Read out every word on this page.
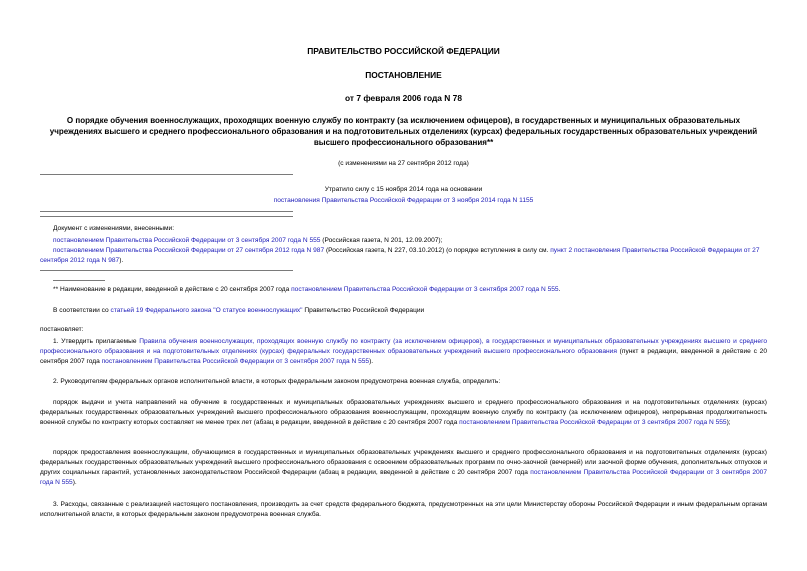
ПРАВИТЕЛЬСТВО РОССИЙСКОЙ ФЕДЕРАЦИИ
ПОСТАНОВЛЕНИЕ
от 7 февраля 2006 года N 78
О порядке обучения военнослужащих, проходящих военную службу по контракту (за исключением офицеров), в государственных и муниципальных образовательных учреждениях высшего и среднего профессионального образования и на подготовительных отделениях (курсах) федеральных государственных образовательных учреждений высшего профессионального образования**
(с изменениями на 27 сентября 2012 года)
Утратило силу с 15 ноября 2014 года на основании
постановления Правительства Российской Федерации от 3 ноября 2014 года N 1155
Документ с изменениями, внесенными:
постановлением Правительства Российской Федерации от 3 сентября 2007 года N 555 (Российская газета, N 201, 12.09.2007);
постановлением Правительства Российской Федерации от 27 сентября 2012 года N 987 (Российская газета, N 227, 03.10.2012) (о порядке вступления в силу см. пункт 2 постановления Правительства Российской Федерации от 27 сентября 2012 года N 987).
** Наименование в редакции, введенной в действие с 20 сентября 2007 года постановлением Правительства Российской Федерации от 3 сентября 2007 года N 555.
В соответствии со статьей 19 Федерального закона "О статусе военнослужащих" Правительство Российской Федерации
постановляет:
1. Утвердить прилагаемые Правила обучения военнослужащих, проходящих военную службу по контракту (за исключением офицеров), в государственных и муниципальных образовательных учреждениях высшего и среднего профессионального образования и на подготовительных отделениях (курсах) федеральных государственных образовательных учреждений высшего профессионального образования (пункт в редакции, введенной в действие с 20 сентября 2007 года постановлением Правительства Российской Федерации от 3 сентября 2007 года N 555).
2. Руководителям федеральных органов исполнительной власти, в которых федеральным законом предусмотрена военная служба, определить:
порядок выдачи и учета направлений на обучение в государственных и муниципальных образовательных учреждениях высшего и среднего профессионального образования и на подготовительных отделениях (курсах) федеральных государственных образовательных учреждений высшего профессионального образования военнослужащим, проходящим военную службу по контракту (за исключением офицеров), непрерывная продолжительность военной службы по контракту которых составляет не менее трех лет (абзац в редакции, введенной в действие с 20 сентября 2007 года постановлением Правительства Российской Федерации от 3 сентября 2007 года N 555);
порядок предоставления военнослужащим, обучающимся в государственных и муниципальных образовательных учреждениях высшего и среднего профессионального образования и на подготовительных отделениях (курсах) федеральных государственных образовательных учреждений высшего профессионального образования с освоением образовательных программ по очно-заочной (вечерней) или заочной форме обучения, дополнительных отпусков и других социальных гарантий, установленных законодательством Российской Федерации (абзац в редакции, введенной в действие с 20 сентября 2007 года постановлением Правительства Российской Федерации от 3 сентября 2007 года N 555).
3. Расходы, связанные с реализацией настоящего постановления, производить за счет средств федерального бюджета, предусмотренных на эти цели Министерству обороны Российской Федерации и иным федеральным органам исполнительной власти, в которых федеральным законом предусмотрена военная служба.
